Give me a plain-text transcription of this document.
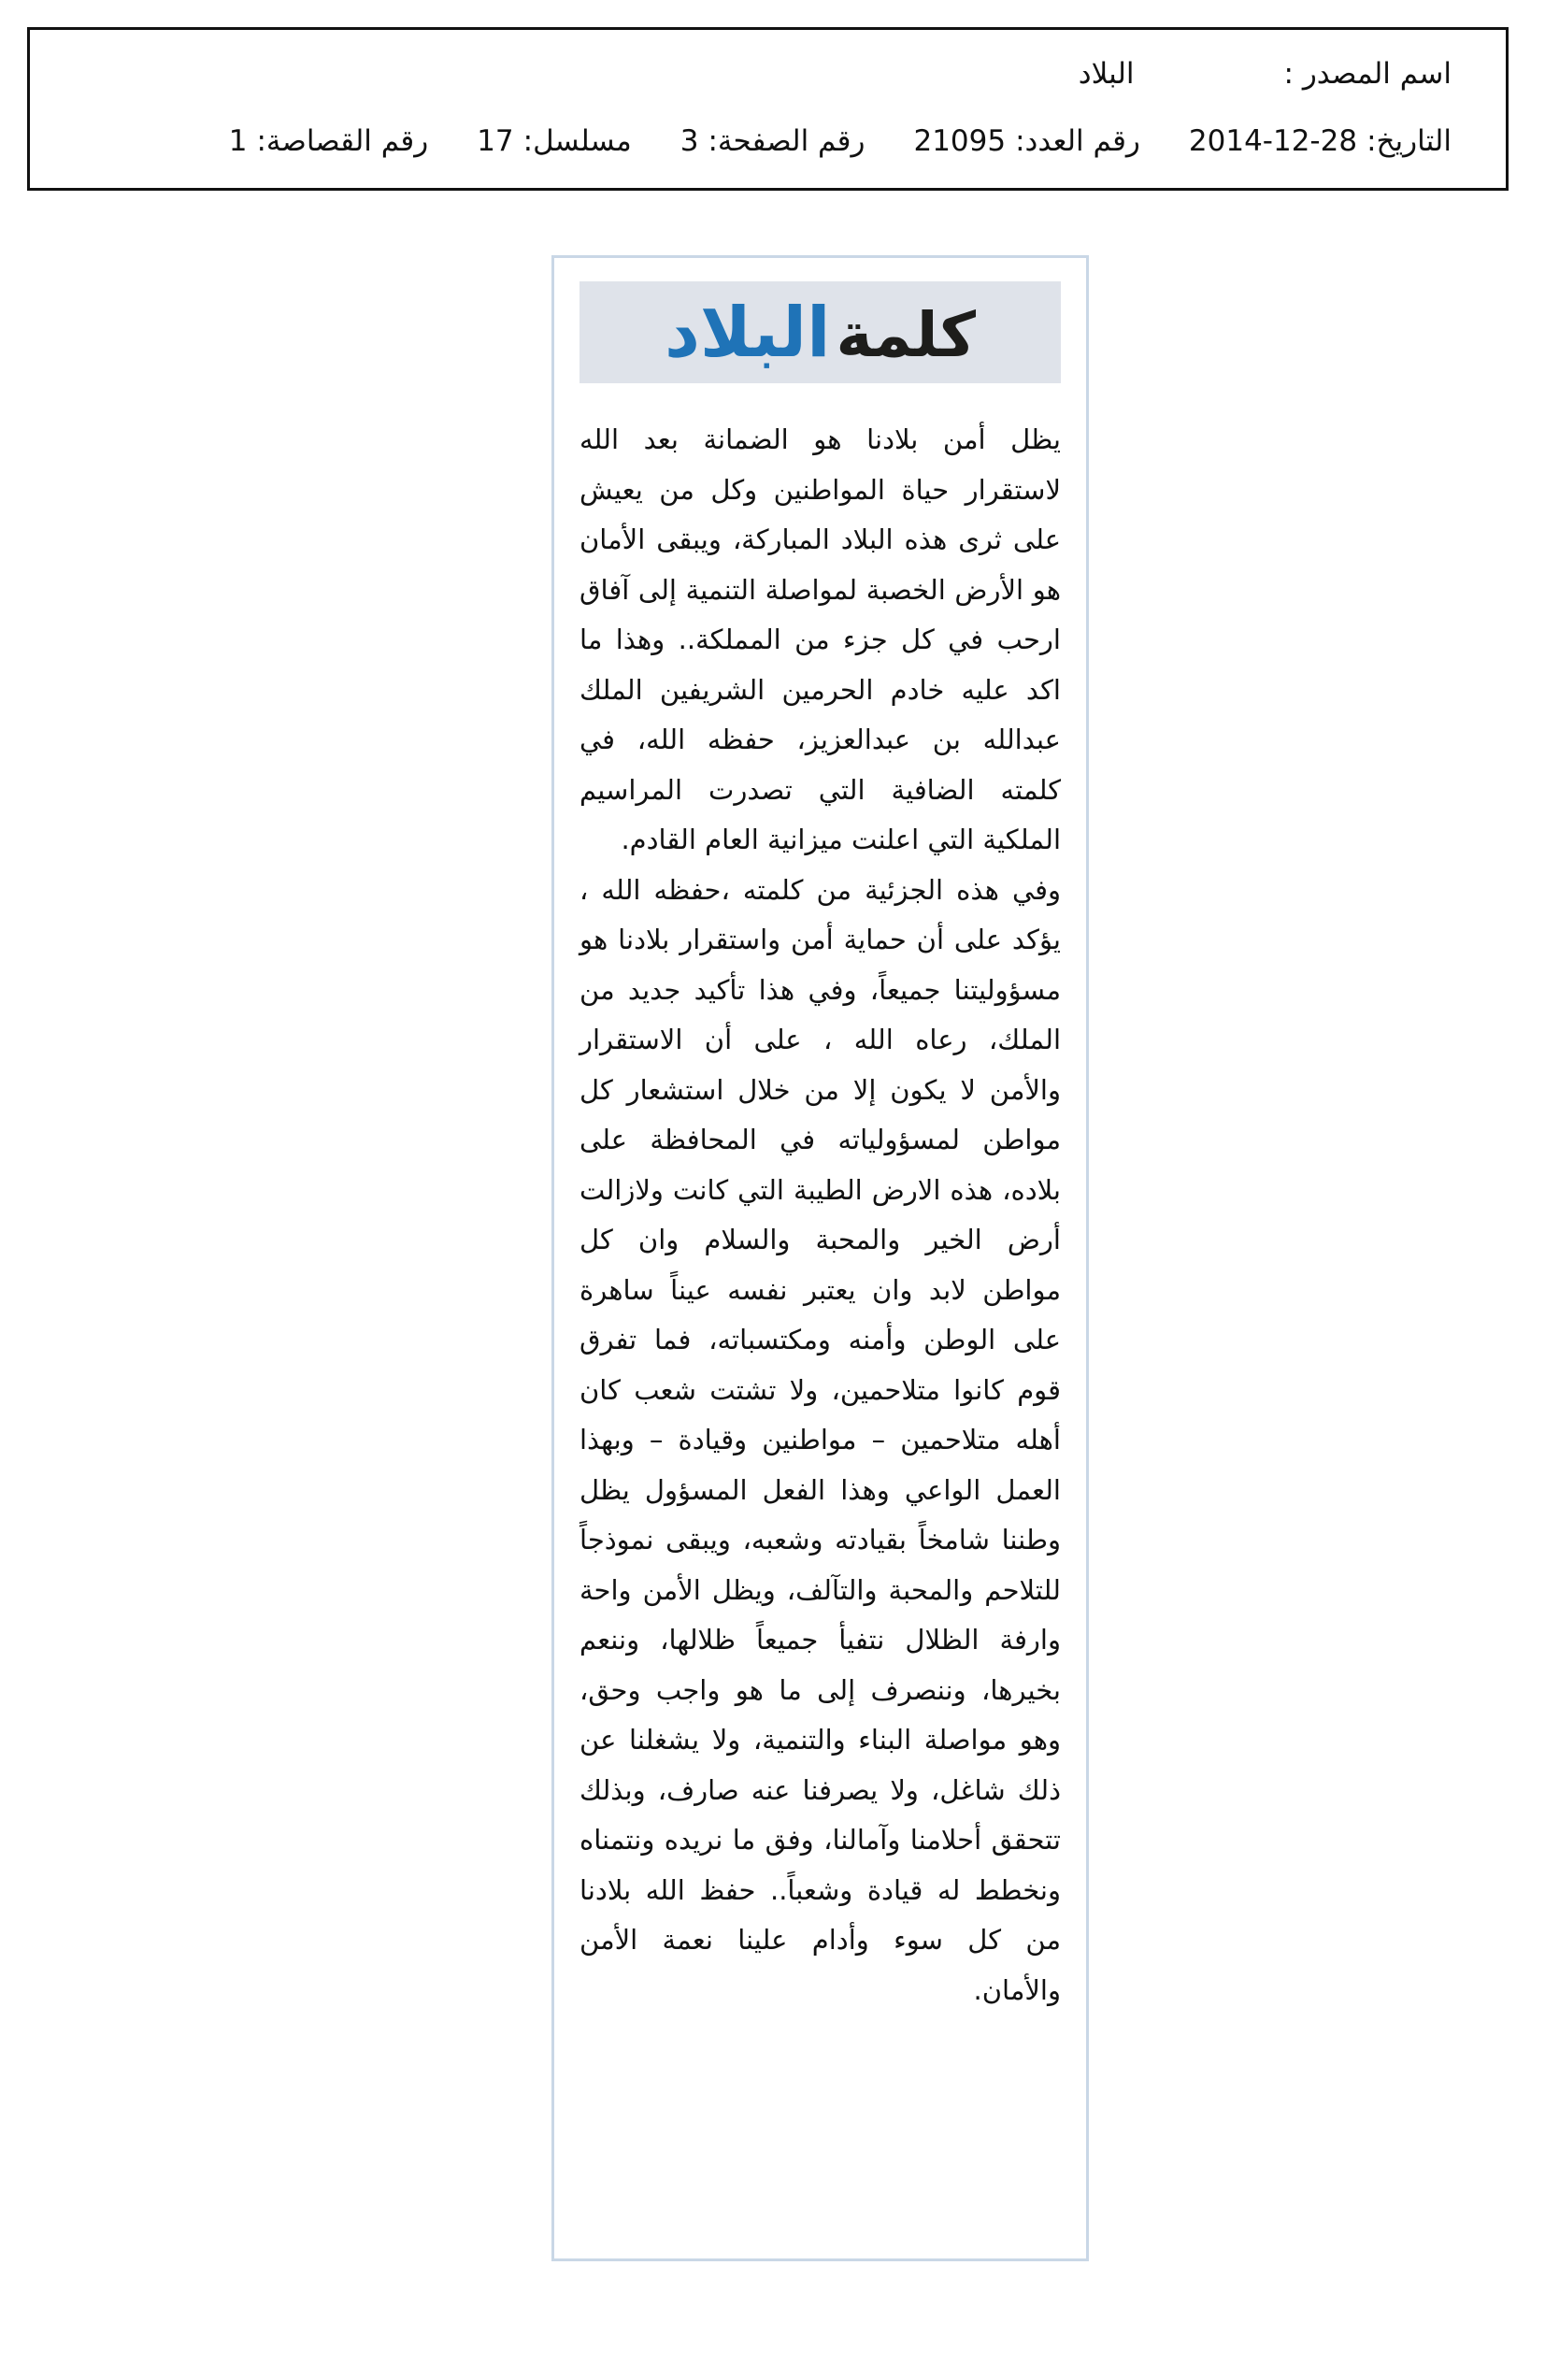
اسم المصدر :
البلاد
التاريخ:
2014-12-28
رقم العدد:
21095
رقم الصفحة:
3
مسلسل:
17
رقم القصاصة:
1
كلمة
البلاد

يظل أمن بلادنا هو الضمانة بعد الله لاستقرار حياة المواطنين وكل من يعيش على ثرى هذه البلاد المباركة، ويبقى الأمان هو الأرض الخصبة لمواصلة التنمية إلى آفاق ارحب في كل جزء من المملكة.. وهذا ما اكد عليه خادم الحرمين الشريفين الملك عبدالله بن عبدالعزيز، حفظه الله، في كلمته الضافية التي تصدرت المراسيم الملكية التي اعلنت ميزانية العام القادم.

وفي هذه الجزئية من كلمته ،حفظه الله ، يؤكد على أن حماية أمن واستقرار بلادنا هو مسؤوليتنا جميعاً، وفي هذا تأكيد جديد من الملك، رعاه الله ، على أن الاستقرار والأمن لا يكون إلا من خلال استشعار كل مواطن لمسؤولياته في المحافظة على بلاده، هذه الارض الطيبة التي كانت ولازالت أرض الخير والمحبة والسلام وان كل مواطن لابد وان يعتبر نفسه عيناً ساهرة على الوطن وأمنه ومكتسباته، فما تفرق قوم كانوا متلاحمين، ولا تشتت شعب كان أهله متلاحمين – مواطنين وقيادة – وبهذا العمل الواعي وهذا الفعل المسؤول يظل وطننا شامخاً بقيادته وشعبه، ويبقى نموذجاً للتلاحم والمحبة والتآلف، ويظل الأمن واحة وارفة الظلال نتفيأ جميعاً ظلالها، وننعم بخيرها، وننصرف إلى ما هو واجب وحق، وهو مواصلة البناء والتنمية، ولا يشغلنا عن ذلك شاغل، ولا يصرفنا عنه صارف، وبذلك تتحقق أحلامنا وآمالنا، وفق ما نريده ونتمناه ونخطط له قيادة وشعباً.. حفظ الله بلادنا من كل سوء وأدام علينا نعمة الأمن والأمان.
